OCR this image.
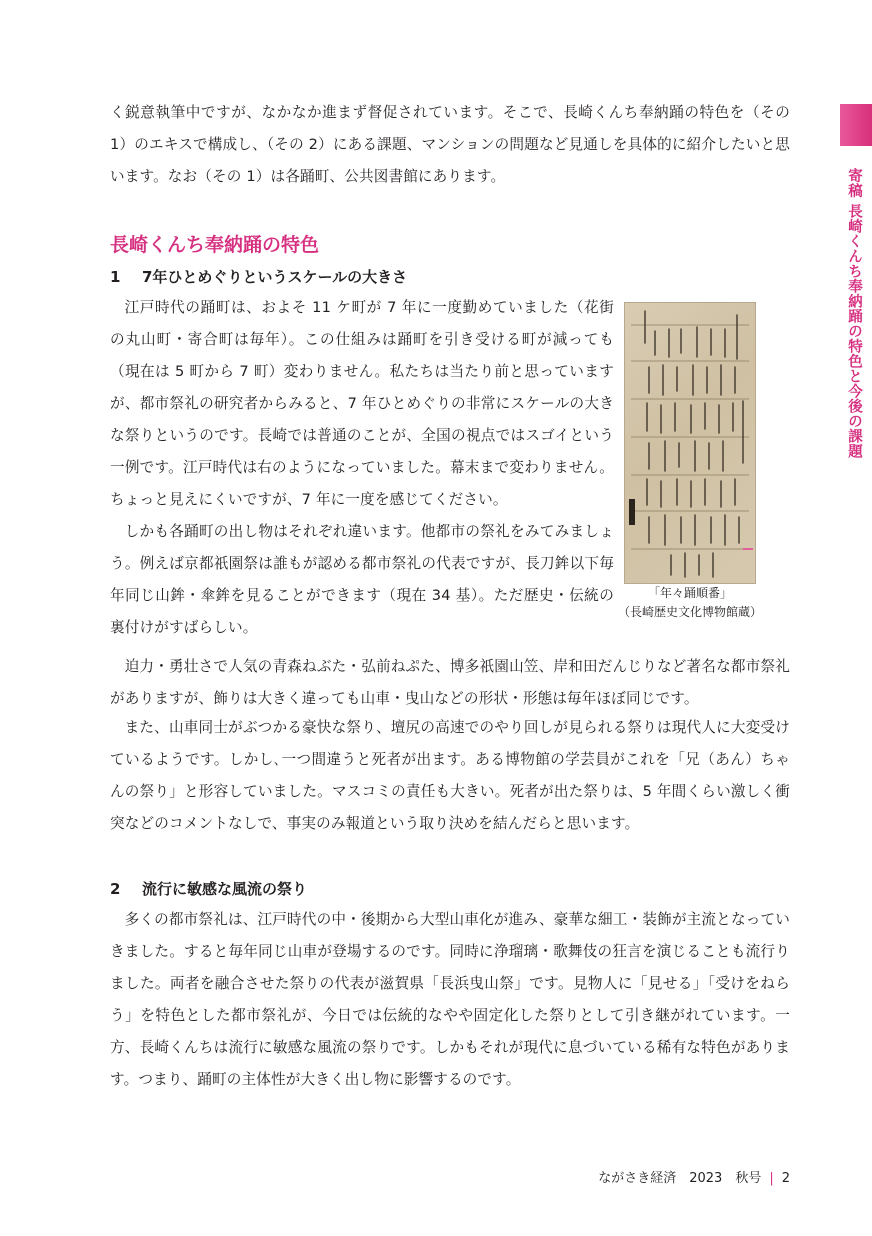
寄稿 長崎くんち奉納踊の特色と今後の課題

く鋭意執筆中ですが、なかなか進まず督促されています。そこで、長崎くんち奉納踊の特色を（その 1）のエキスで構成し、（その 2）にある課題、マンションの問題など見通しを具体的に紹介したいと思います。なお（その 1）は各踊町、公共図書館にあります。

長崎くんち奉納踊の特色
1 7年ひとめぐりというスケールの大きさ

江戸時代の踊町は、およそ 11 ケ町が 7 年に一度勤めていました（花街の丸山町・寄合町は毎年）。この仕組みは踊町を引き受ける町が減っても（現在は 5 町から 7 町）変わりません。私たちは当たり前と思っていますが、都市祭礼の研究者からみると、7 年ひとめぐりの非常にスケールの大きな祭りというのです。長崎では普通のことが、全国の視点ではスゴイという一例です。江戸時代は右のようになっていました。幕末まで変わりません。ちょっと見えにくいですが、7 年に一度を感じてください。

しかも各踊町の出し物はそれぞれ違います。他都市の祭礼をみてみましょう。例えば京都祇園祭は誰もが認める都市祭礼の代表ですが、長刀鉾以下毎年同じ山鉾・傘鉾を見ることができます（現在 34 基）。ただ歴史・伝統の裏付けがすばらしい。

迫力・勇壮さで人気の青森ねぶた・弘前ねぷた、博多祇園山笠、岸和田だんじりなど著名な都市祭礼がありますが、飾りは大きく違っても山車・曳山などの形状・形態は毎年ほぼ同じです。

また、山車同士がぶつかる豪快な祭り、壇尻の高速でのやり回しが見られる祭りは現代人に大変受けているようです。しかし､一つ間違うと死者が出ます。ある博物館の学芸員がこれを「兄（あん）ちゃんの祭り」と形容していました。マスコミの責任も大きい。死者が出た祭りは、5 年間くらい激しく衝突などのコメントなしで、事実のみ報道という取り決めを結んだらと思います。

「年々踊順番」
（長崎歴史文化博物館蔵）
2 流行に敏感な風流の祭り

多くの都市祭礼は、江戸時代の中・後期から大型山車化が進み、豪華な細工・装飾が主流となっていきました。すると毎年同じ山車が登場するのです。同時に浄瑠璃・歌舞伎の狂言を演じることも流行りました。両者を融合させた祭りの代表が滋賀県「長浜曳山祭」です。見物人に「見せる」「受けをねらう」を特色とした都市祭礼が、今日では伝統的なやや固定化した祭りとして引き継がれています。一方、長崎くんちは流行に敏感な風流の祭りです。しかもそれが現代に息づいている稀有な特色があります。つまり、踊町の主体性が大きく出し物に影響するのです。

ながさき経済　2023　秋号 | 2
